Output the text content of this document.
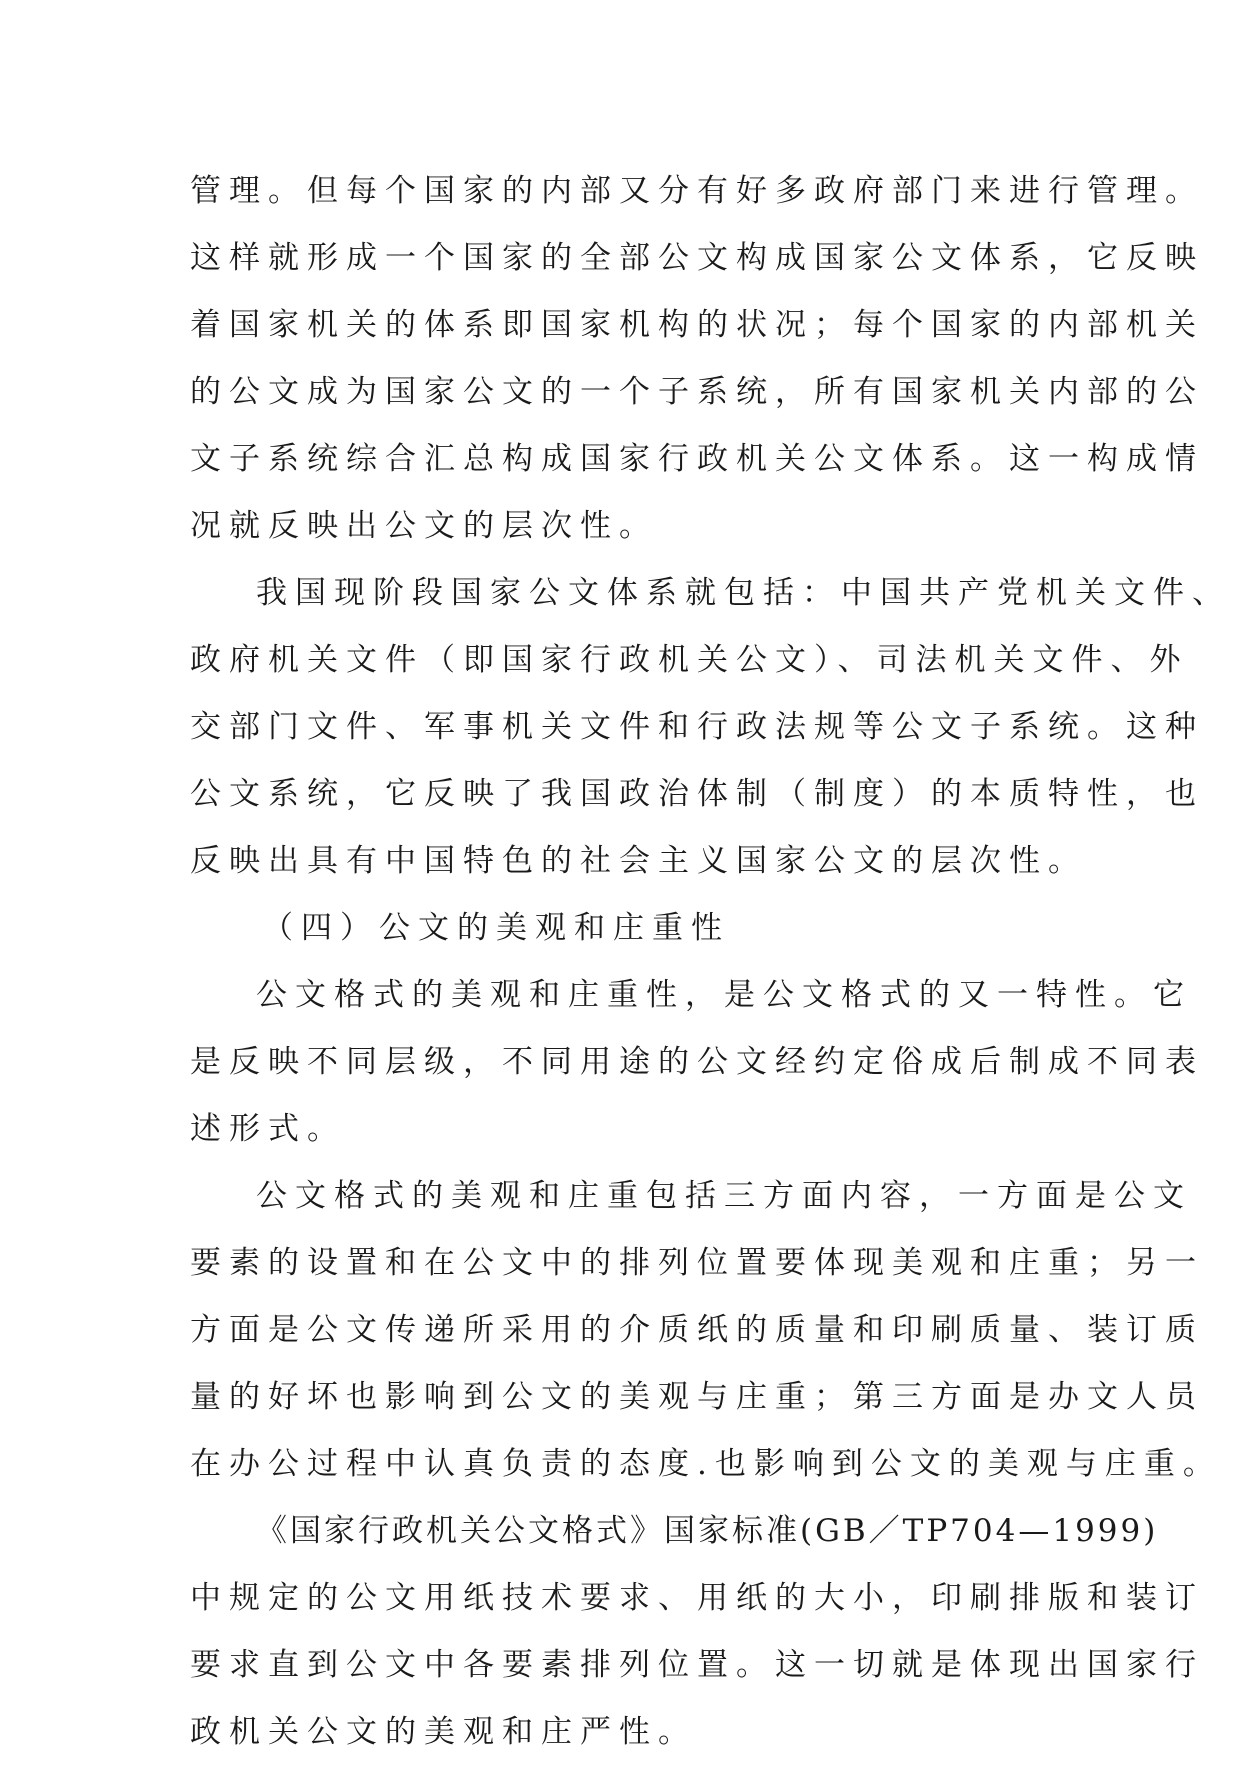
管理。但每个国家的内部又分有好多政府部门来进行管理。
这样就形成一个国家的全部公文构成国家公文体系，它反映
着国家机关的体系即国家机构的状况；每个国家的内部机关
的公文成为国家公文的一个子系统，所有国家机关内部的公
文子系统综合汇总构成国家行政机关公文体系。这一构成情
况就反映出公文的层次性。
我国现阶段国家公文体系就包括：中国共产党机关文件、
政府机关文件（即国家行政机关公文）、司法机关文件、外
交部门文件、军事机关文件和行政法规等公文子系统。这种
公文系统，它反映了我国政治体制（制度）的本质特性，也
反映出具有中国特色的社会主义国家公文的层次性。
（四）公文的美观和庄重性
公文格式的美观和庄重性，是公文格式的又一特性。它
是反映不同层级，不同用途的公文经约定俗成后制成不同表
述形式。
公文格式的美观和庄重包括三方面内容，一方面是公文
要素的设置和在公文中的排列位置要体现美观和庄重；另一
方面是公文传递所采用的介质纸的质量和印刷质量、装订质
量的好坏也影响到公文的美观与庄重；第三方面是办文人员
在办公过程中认真负责的态度.也影响到公文的美观与庄重。
《国家行政机关公文格式》国家标准(GB／TP704—1999)
中规定的公文用纸技术要求、用纸的大小，印刷排版和装订
要求直到公文中各要素排列位置。这一切就是体现出国家行
政机关公文的美观和庄严性。
